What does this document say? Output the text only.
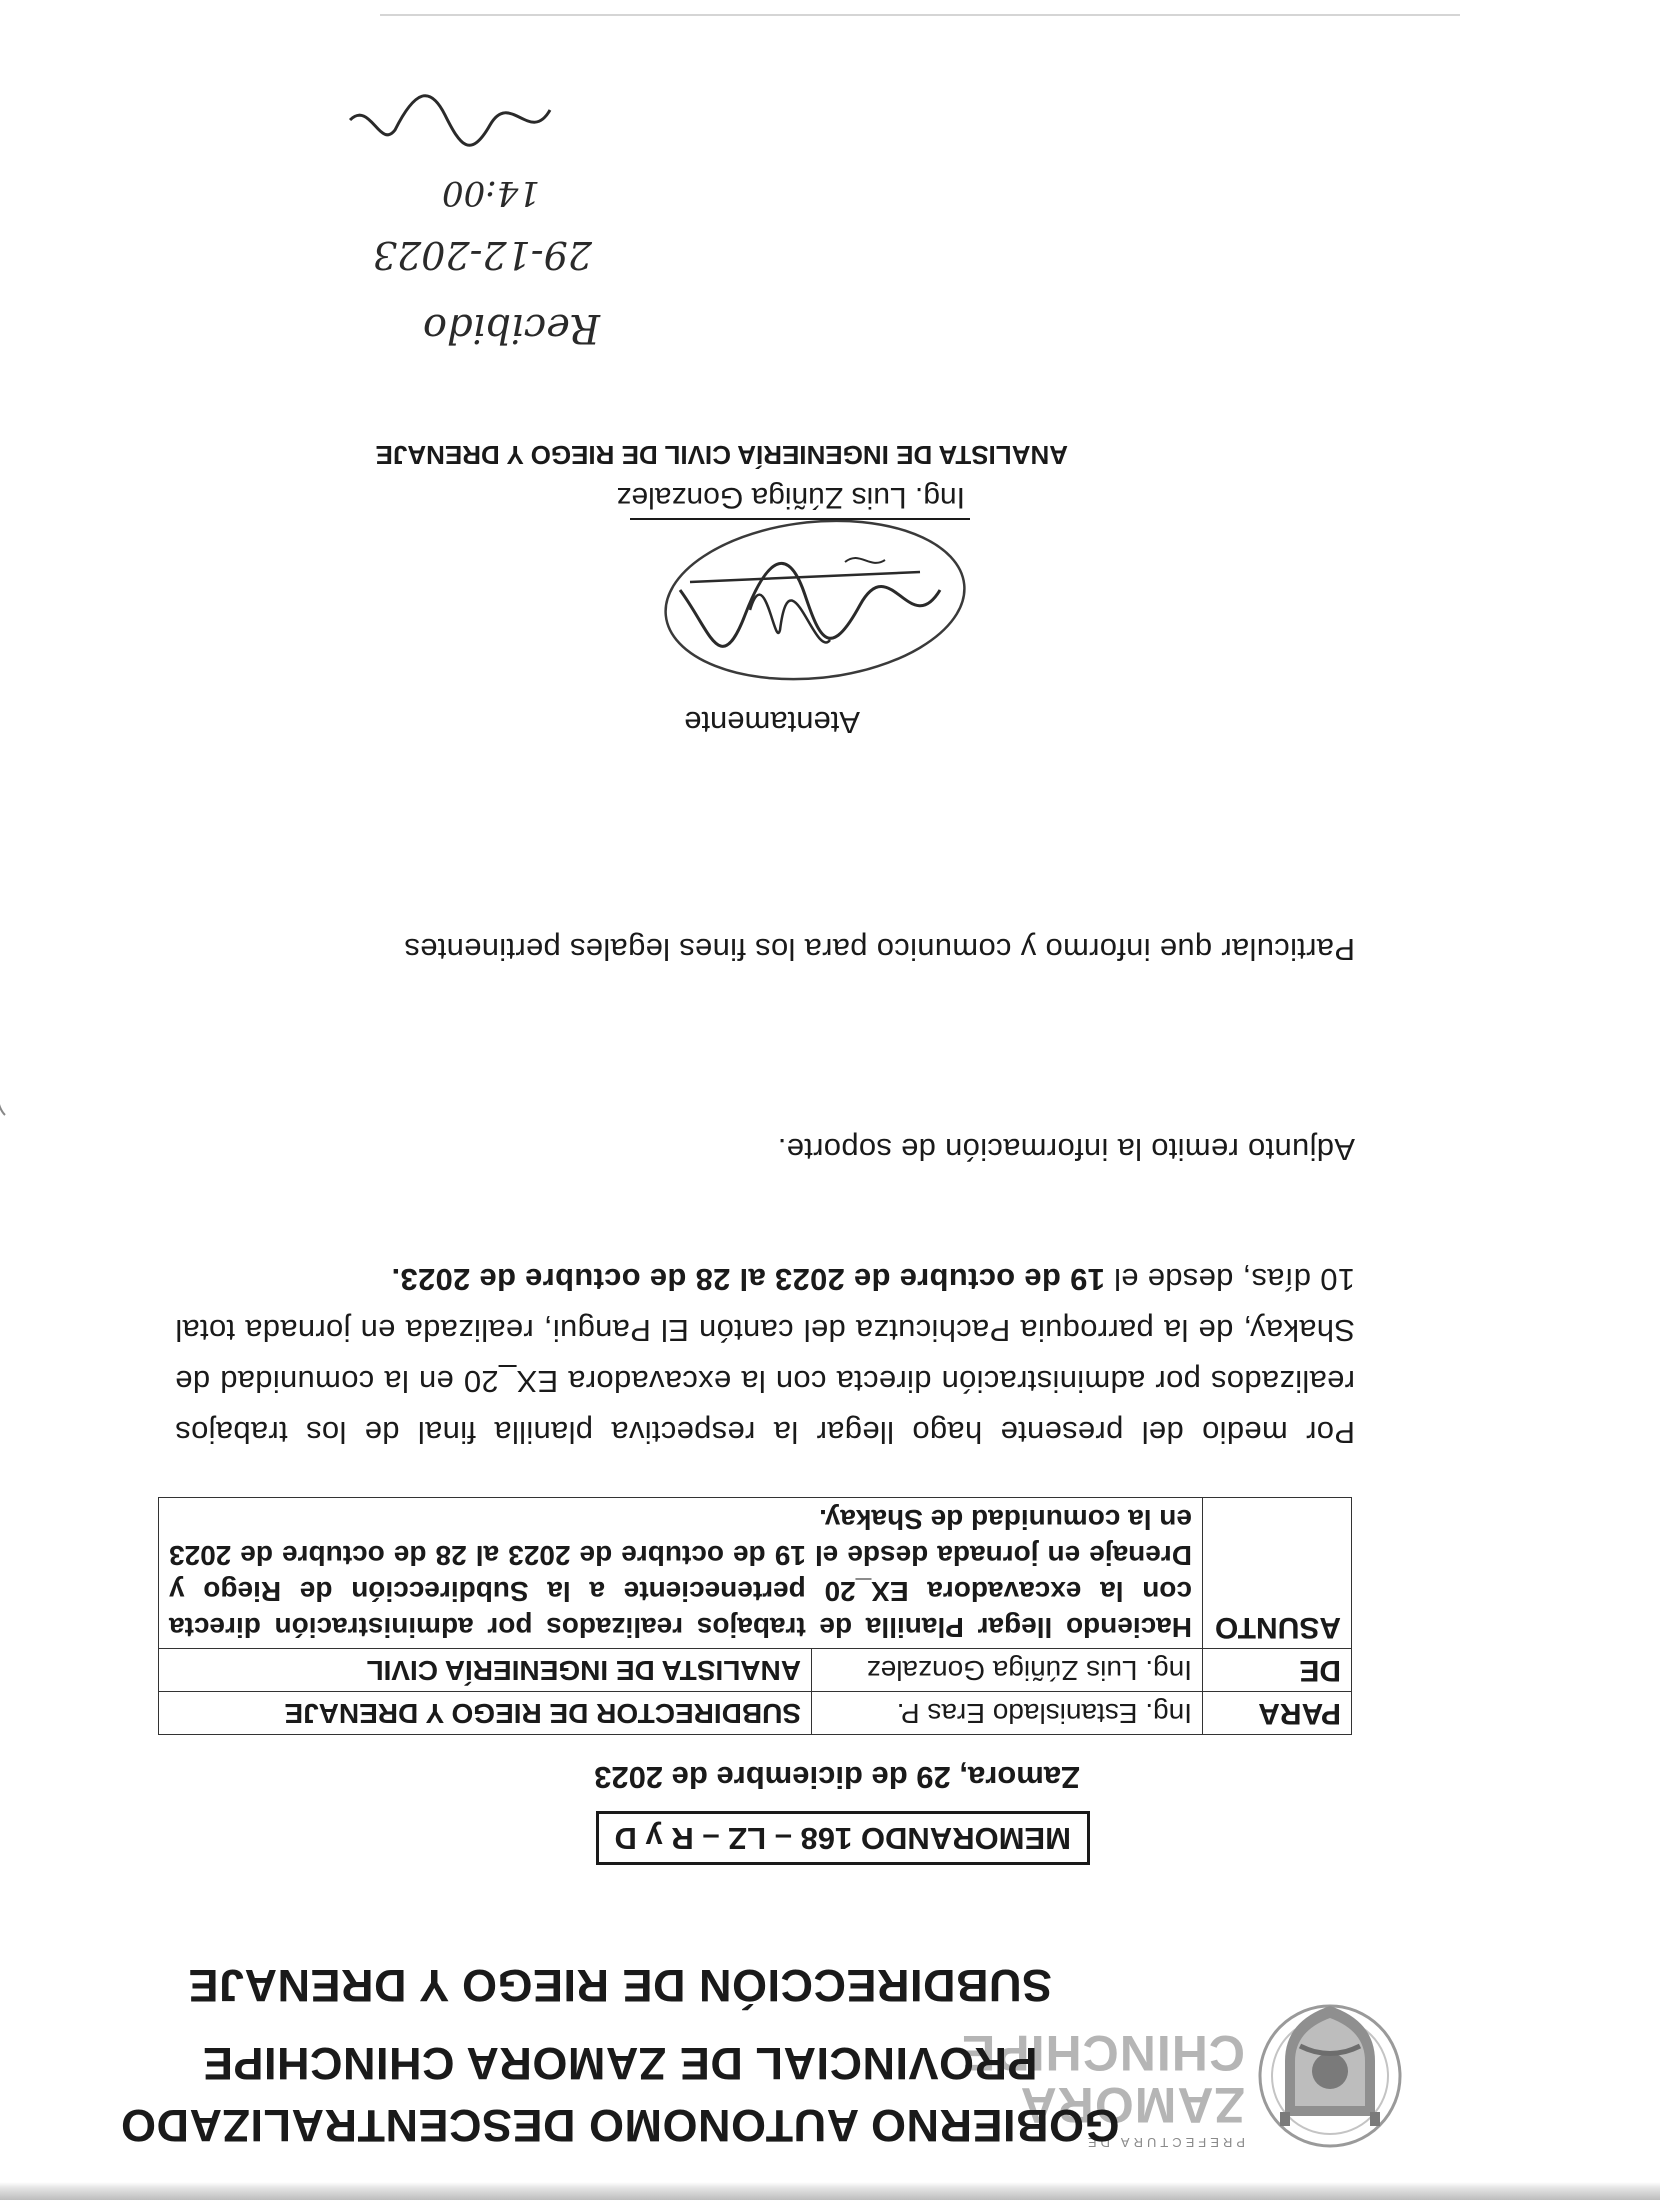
PREFECTURA DE
ZAMORA
CHINCHIPE
GOBIERNO AUTONOMO DESCENTRALIZADO
PROVINCIAL DE ZAMORA CHINCHIPE
SUBDIRECCIÓN DE RIEGO Y DRENAJE
MEMORANDO 168 – LZ – R y D
Zamora, 29 de diciembre de 2023
PARA	Ing. Estanislado Eras P.	SUBDIRECTOR DE RIEGO Y DRENAJE
DE	Ing. Luis Zúñiga Gonzalez	ANALISTA DE INGENIERÍA CIVIL
ASUNTO	Haciendo llegar Planilla de trabajos realizados por administración directa con la excavadora EX_20 perteneciente a la Subdirección de Riego y Drenaje en jornada desde el 19 de octubre de 2023 al 28 de octubre de 2023 en la comunidad de Shakay.	
Por medio del presente hago llegar la respectiva planilla final de los trabajos realizados por administración directa con la excavadora EX_20 en la comunidad de Shakay, de la parroquia Pachicutza del cantón El Pangui, realizada en jornada total 10 días, desde el 19 de octubre de 2023 al 28 de octubre de 2023.
Adjunto remito la información de soporte.
Particular que informo y comunico para los fines legales pertinentes
Atentamente
Ing. Luis Zúñiga Gonzalez
ANALISTA DE INGENIERÍA CIVIL DE RIEGO Y DRENAJE
Recibido
29-12-2023
14:00
